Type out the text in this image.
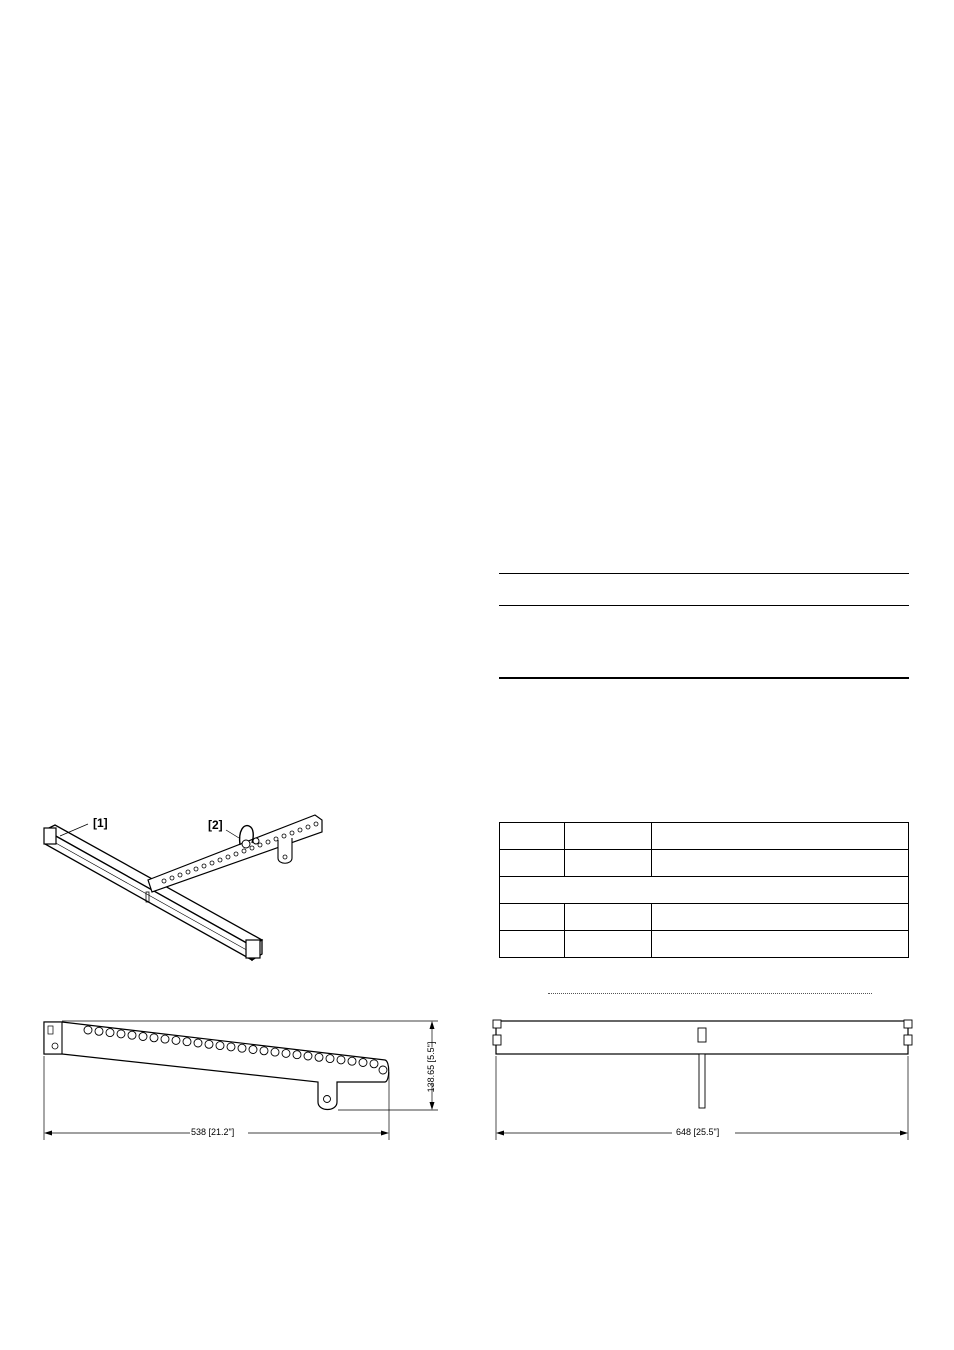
[1]	[2]

538 [21.2"]
138.65 [5.5"]
648 [25.5"]
